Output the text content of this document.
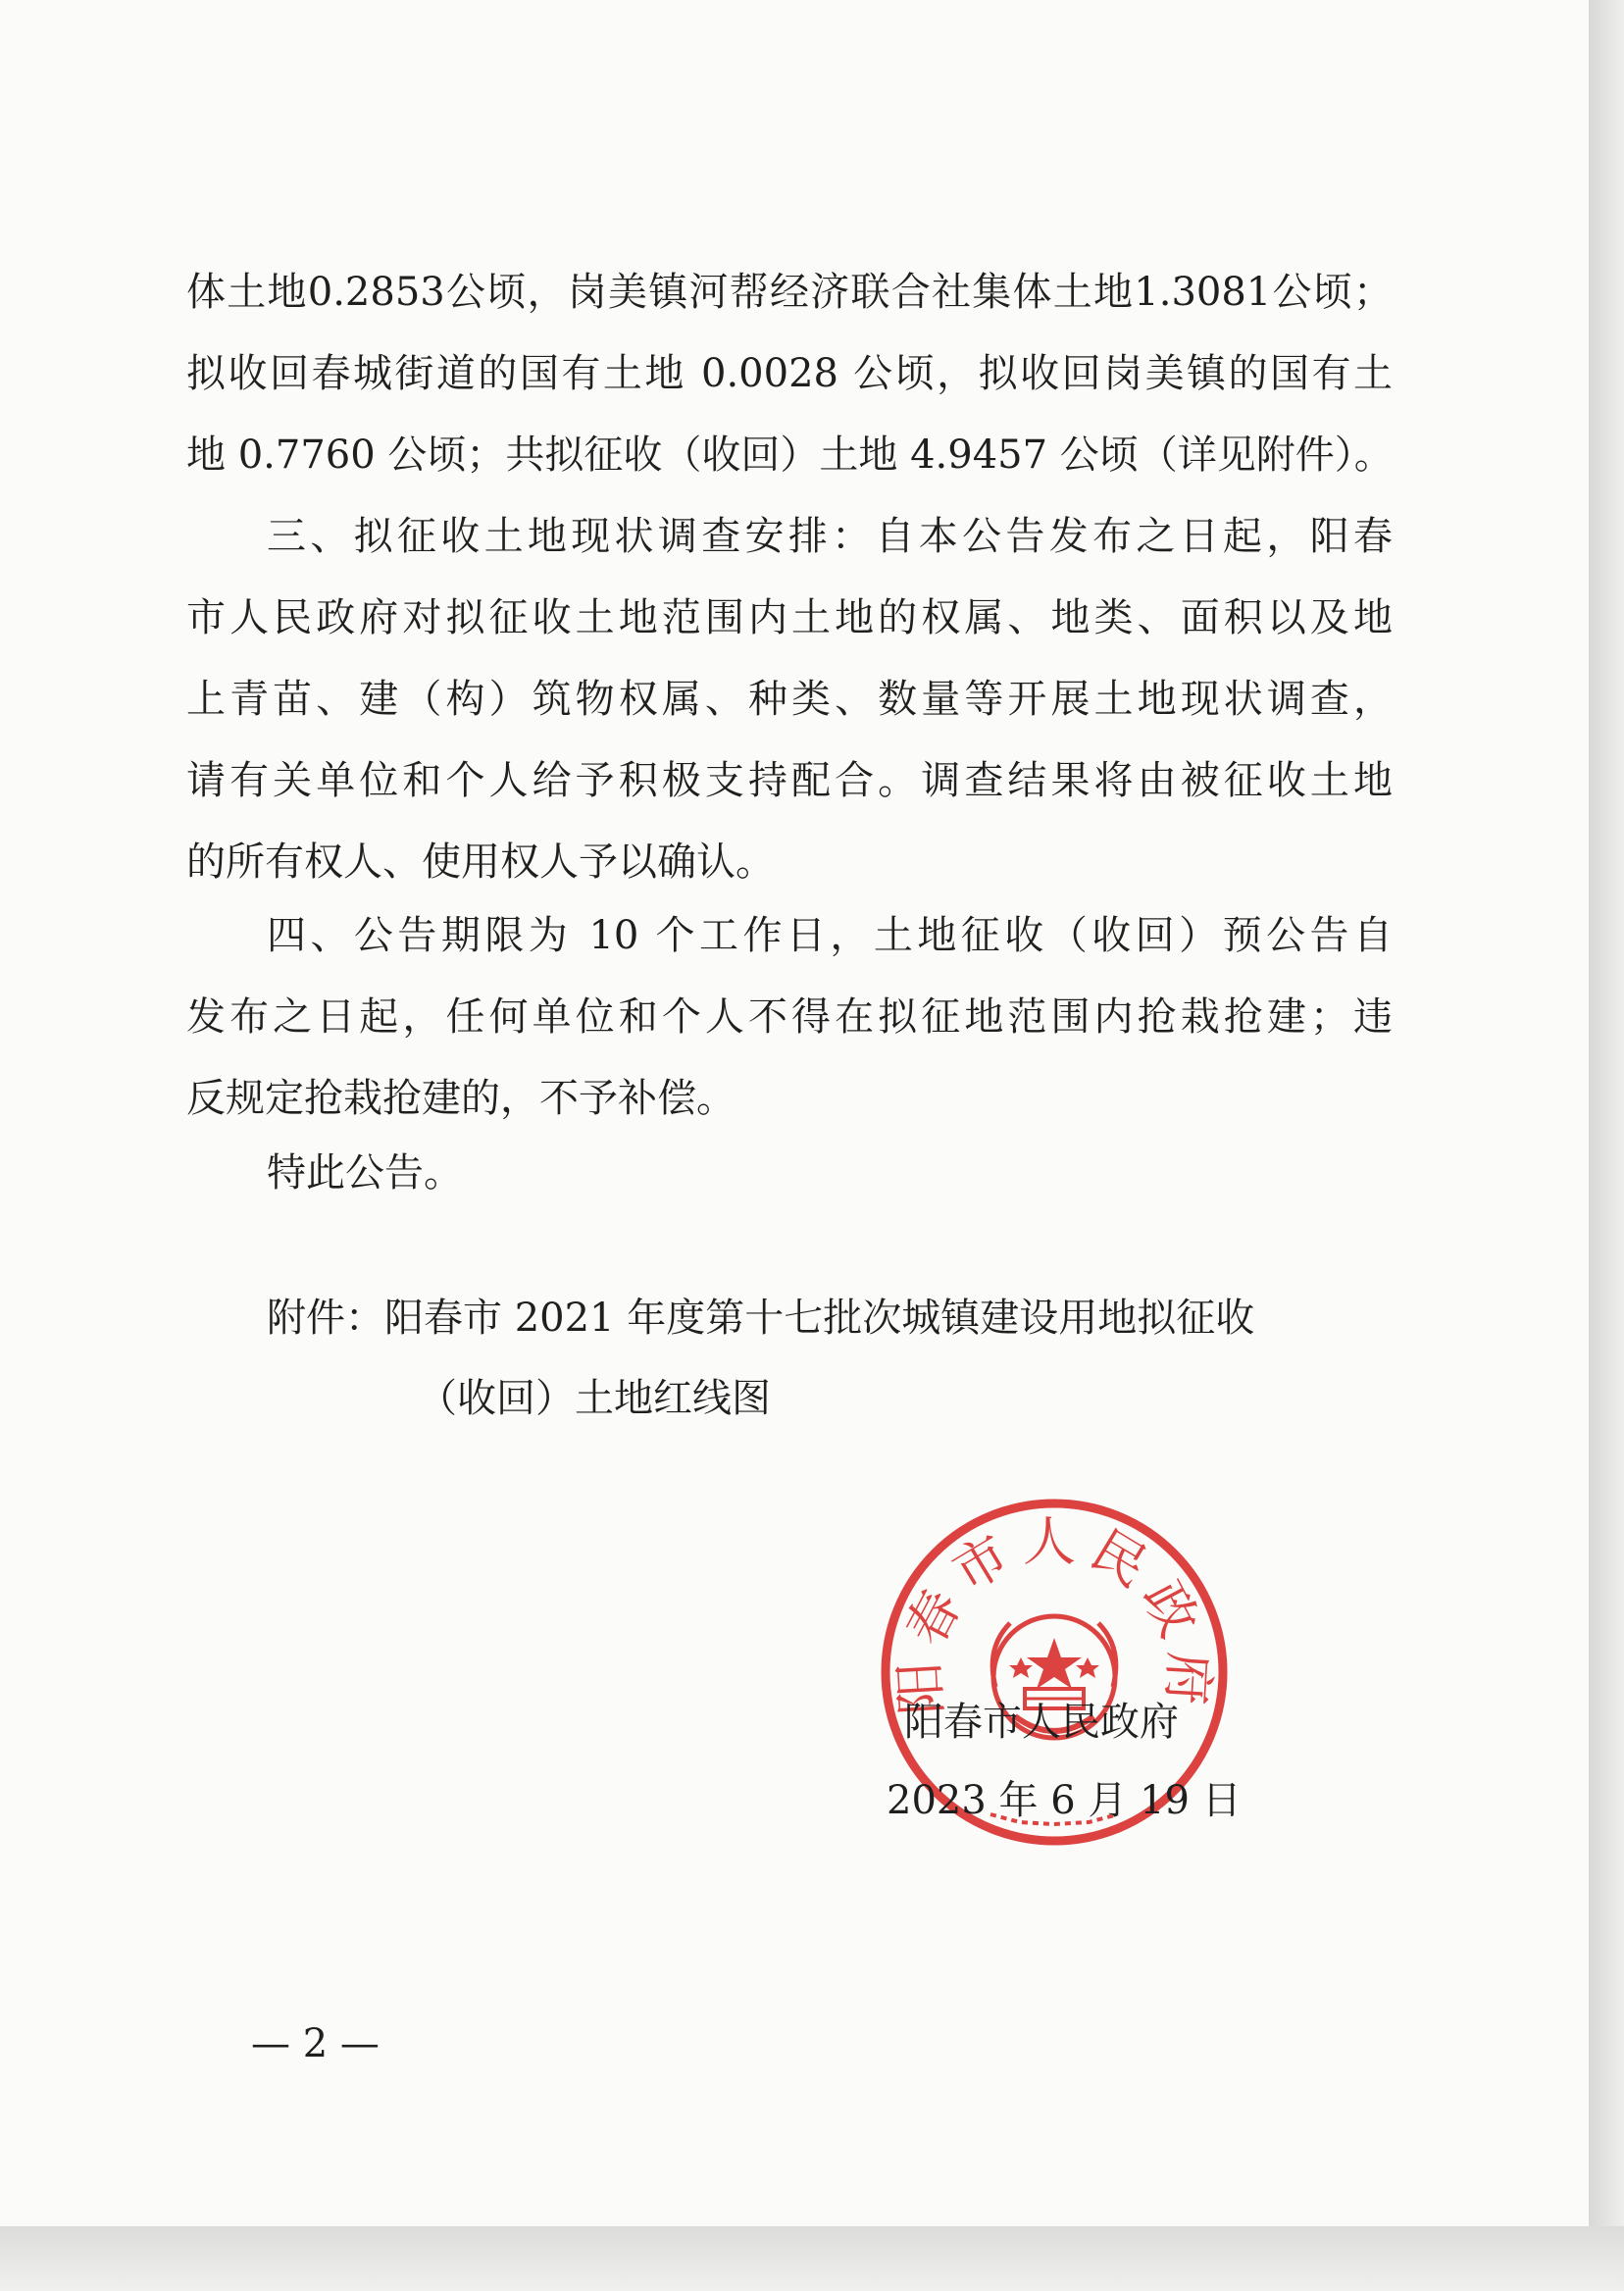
体土地0.2853公顷，岗美镇河帮经济联合社集体土地1.3081公顷；
拟收回春城街道的国有土地 0.0028 公顷，拟收回岗美镇的国有土
地 0.7760 公顷；共拟征收（收回）土地 4.9457 公顷（详见附件）。
三、拟征收土地现状调查安排：自本公告发布之日起，阳春
市人民政府对拟征收土地范围内土地的权属、地类、面积以及地
上青苗、建（构）筑物权属、种类、数量等开展土地现状调查，
请有关单位和个人给予积极支持配合。调查结果将由被征收土地
的所有权人、使用权人予以确认。
四、公告期限为 10 个工作日，土地征收（收回）预公告自
发布之日起，任何单位和个人不得在拟征地范围内抢栽抢建；违
反规定抢栽抢建的，不予补偿。
特此公告。
附件：阳春市 2021 年度第十七批次城镇建设用地拟征收
（收回）土地红线图
阳春市人民政府
阳春市人民政府
2023 年 6 月 19 日
— 2 —
